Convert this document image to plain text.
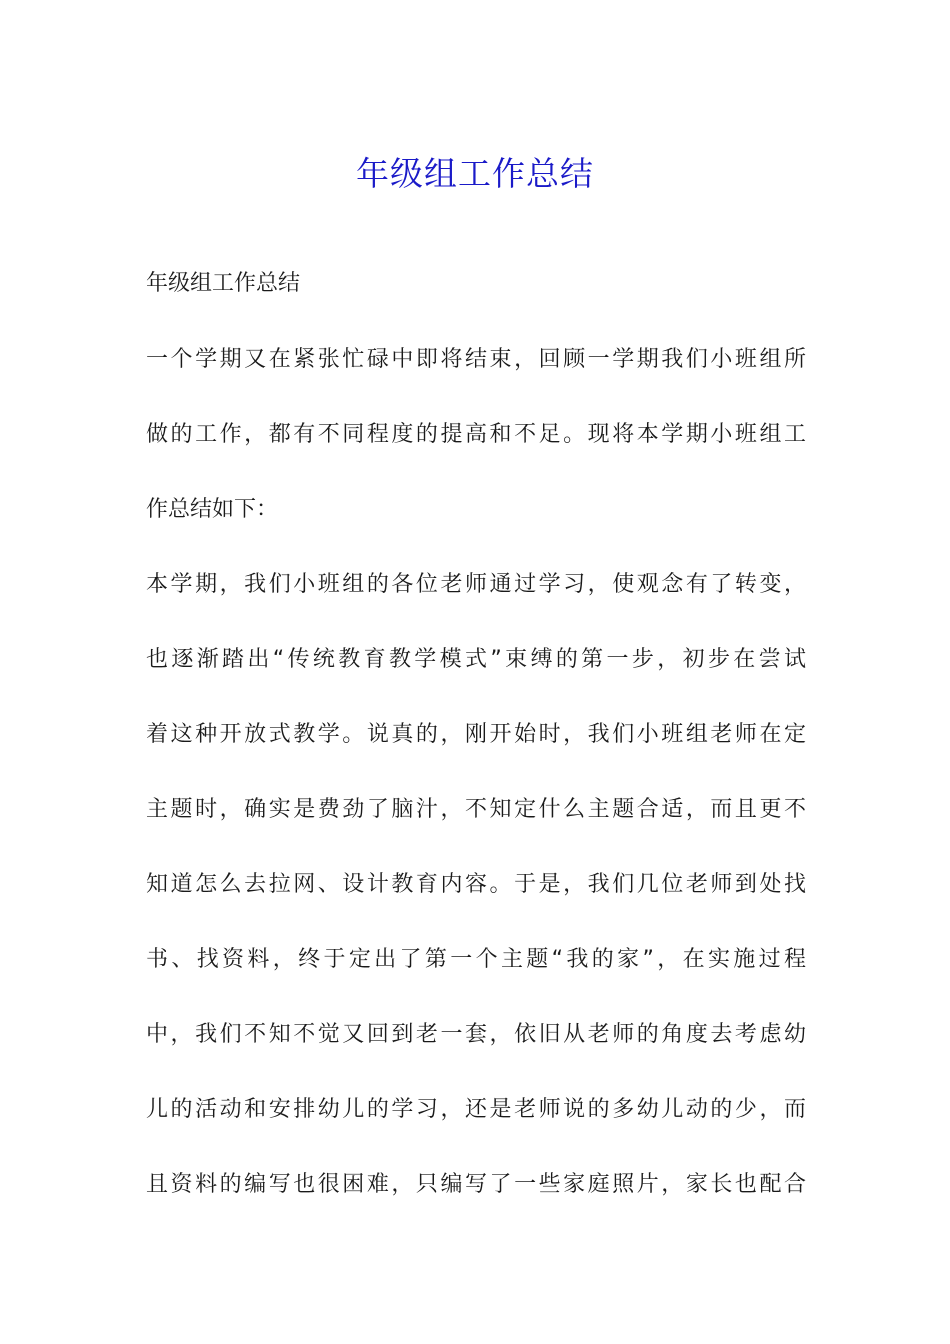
年级组工作总结
年级组工作总结
一个学期又在紧张忙碌中即将结束，回顾一学期我们小班组所
做的工作，都有不同程度的提高和不足。现将本学期小班组工
作总结如下：
本学期，我们小班组的各位老师通过学习，使观念有了转变，
也逐渐踏出“传统教育教学模式”束缚的第一步，初步在尝试
着这种开放式教学。说真的，刚开始时，我们小班组老师在定
主题时，确实是费劲了脑汁，不知定什么主题合适，而且更不
知道怎么去拉网、设计教育内容。于是，我们几位老师到处找
书、找资料，终于定出了第一个主题“我的家”，在实施过程
中，我们不知不觉又回到老一套，依旧从老师的角度去考虑幼
儿的活动和安排幼儿的学习，还是老师说的多幼儿动的少，而
且资料的编写也很困难，只编写了一些家庭照片，家长也配合
